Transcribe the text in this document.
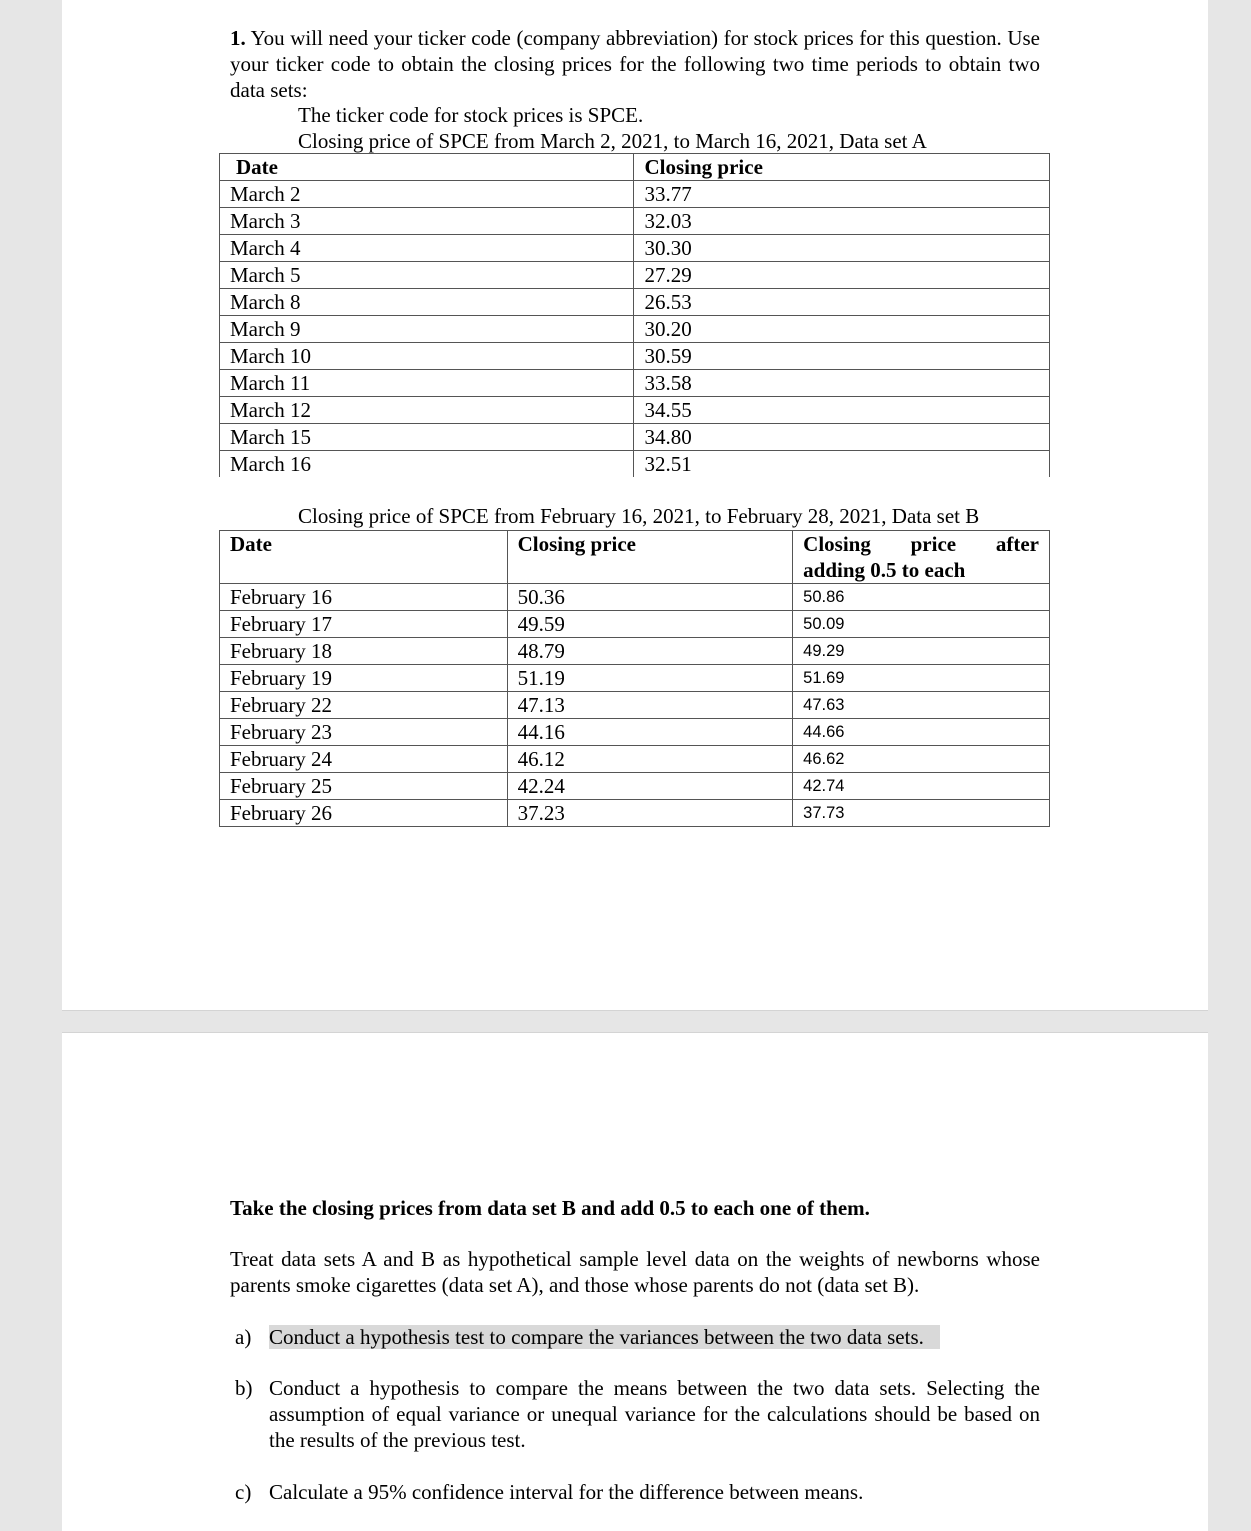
1. You will need your ticker code (company abbreviation) for stock prices for this question. Use your ticker code to obtain the closing prices for the following two time periods to obtain two data sets:

The ticker code for stock prices is SPCE.

Closing price of SPCE from March 2, 2021, to March 16, 2021, Data set A

Date	Closing price
March 2	33.77
March 3	32.03
March 4	30.30
March 5	27.29
March 8	26.53
March 9	30.20
March 10	30.59
March 11	33.58
March 12	34.55
March 15	34.80
March 16	32.51

Closing price of SPCE from February 16, 2021, to February 28, 2021, Data set B

Date	Closing price	Closing price after
adding 0.5 to each

February 16	50.36	50.86
February 17	49.59	50.09
February 18	48.79	49.29
February 19	51.19	51.69
February 22	47.13	47.63
February 23	44.16	44.66
February 24	46.12	46.62
February 25	42.24	42.74
February 26	37.23	37.73

Take the closing prices from data set B and add 0.5 to each one of them.

Treat data sets A and B as hypothetical sample level data on the weights of newborns whose parents smoke cigarettes (data set A), and those whose parents do not (data set B).

a) Conduct a hypothesis test to compare the variances between the two data sets.
b) Conduct a hypothesis to compare the means between the two data sets. Selecting the assumption of equal variance or unequal variance for the calculations should be based on the results of the previous test.
c) Calculate a 95% confidence interval for the difference between means.
